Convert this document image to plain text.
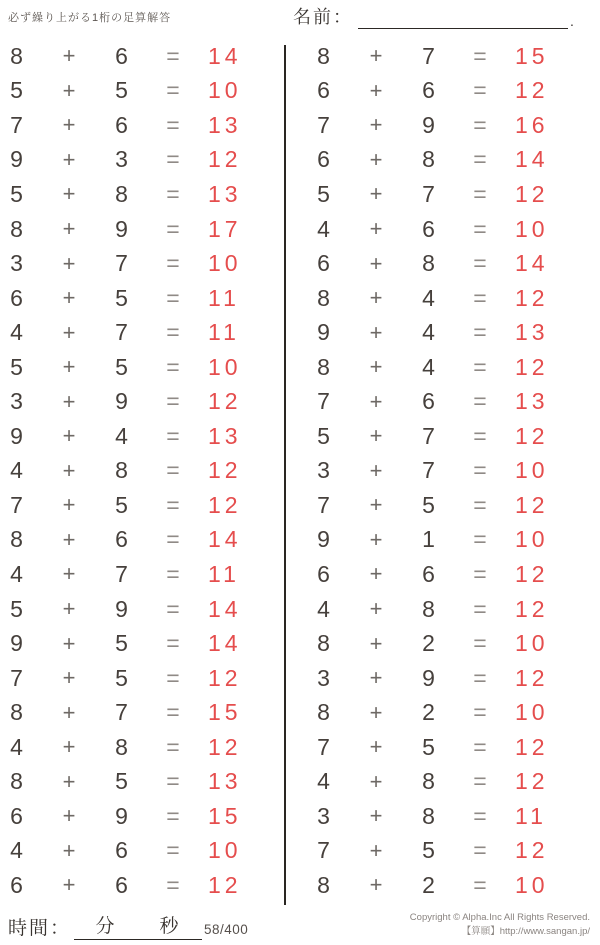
必ず繰り上がる1桁の足算解答	名前：	.
8	+	6	=	14
5	+	5	=	10
7	+	6	=	13
9	+	3	=	12
5	+	8	=	13
8	+	9	=	17
3	+	7	=	10
6	+	5	=	11
4	+	7	=	11
5	+	5	=	10
3	+	9	=	12
9	+	4	=	13
4	+	8	=	12
7	+	5	=	12
8	+	6	=	14
4	+	7	=	11
5	+	9	=	14
9	+	5	=	14
7	+	5	=	12
8	+	7	=	15
4	+	8	=	12
8	+	5	=	13
6	+	9	=	15
4	+	6	=	10
6	+	6	=	12
8	+	7	=	15
6	+	6	=	12
7	+	9	=	16
6	+	8	=	14
5	+	7	=	12
4	+	6	=	10
6	+	8	=	14
8	+	4	=	12
9	+	4	=	13
8	+	4	=	12
7	+	6	=	13
5	+	7	=	12
3	+	7	=	10
7	+	5	=	12
9	+	1	=	10
6	+	6	=	12
4	+	8	=	12
8	+	2	=	10
3	+	9	=	12
8	+	2	=	10
7	+	5	=	12
4	+	8	=	12
3	+	8	=	11
7	+	5	=	12
8	+	2	=	10
時間： 分 秒 58/400
Copyright © Alpha.Inc All Rights Reserved.
【算願】http://www.sangan.jp/
